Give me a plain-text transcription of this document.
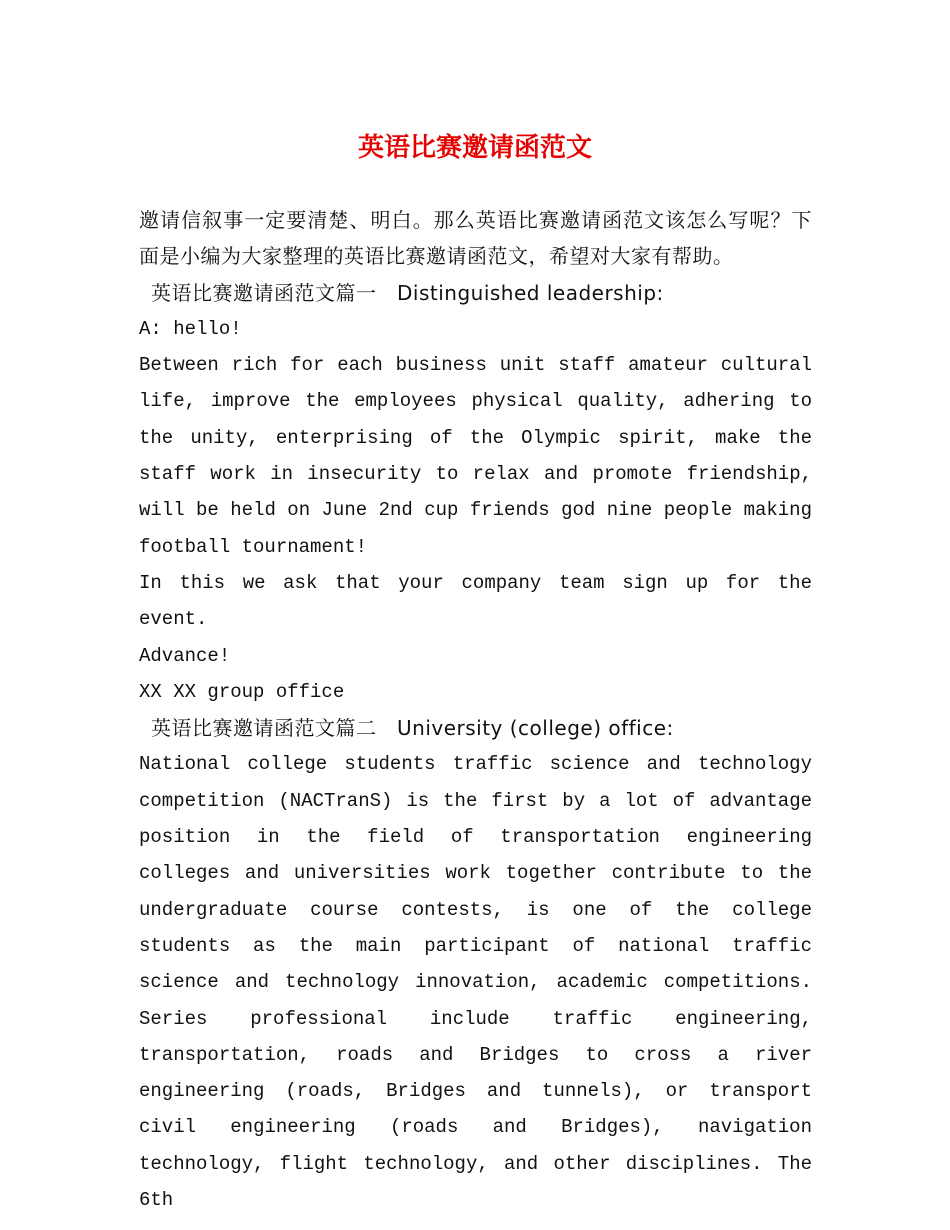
英语比赛邀请函范文

邀请信叙事一定要清楚、明白。那么英语比赛邀请函范文该怎么写呢？下面是小编为大家整理的英语比赛邀请函范文，希望对大家有帮助。

英语比赛邀请函范文篇一　Distinguished leadership:

A: hello!

Between rich for each business unit staff amateur cultural life, improve the employees physical quality, adhering to the unity, enterprising of the Olympic spirit, make the staff work in insecurity to relax and promote friendship, will be held on June 2nd cup friends god nine people making football tournament!

In this we ask that your company team sign up for the event.

Advance!

XX XX group office

英语比赛邀请函范文篇二　University (college) office:

National college students traffic science and technology competition (NACTranS) is the first by a lot of advantage position in the field of transportation engineering colleges and universities work together contribute to the undergraduate course contests, is one of the college students as the main participant of national traffic science and technology innovation, academic competitions. Series professional include traffic engineering, transportation, roads and Bridges to cross a river engineering (roads, Bridges and tunnels), or transport civil engineering (roads and Bridges), navigation technology, flight technology, and other disciplines. The 6th
